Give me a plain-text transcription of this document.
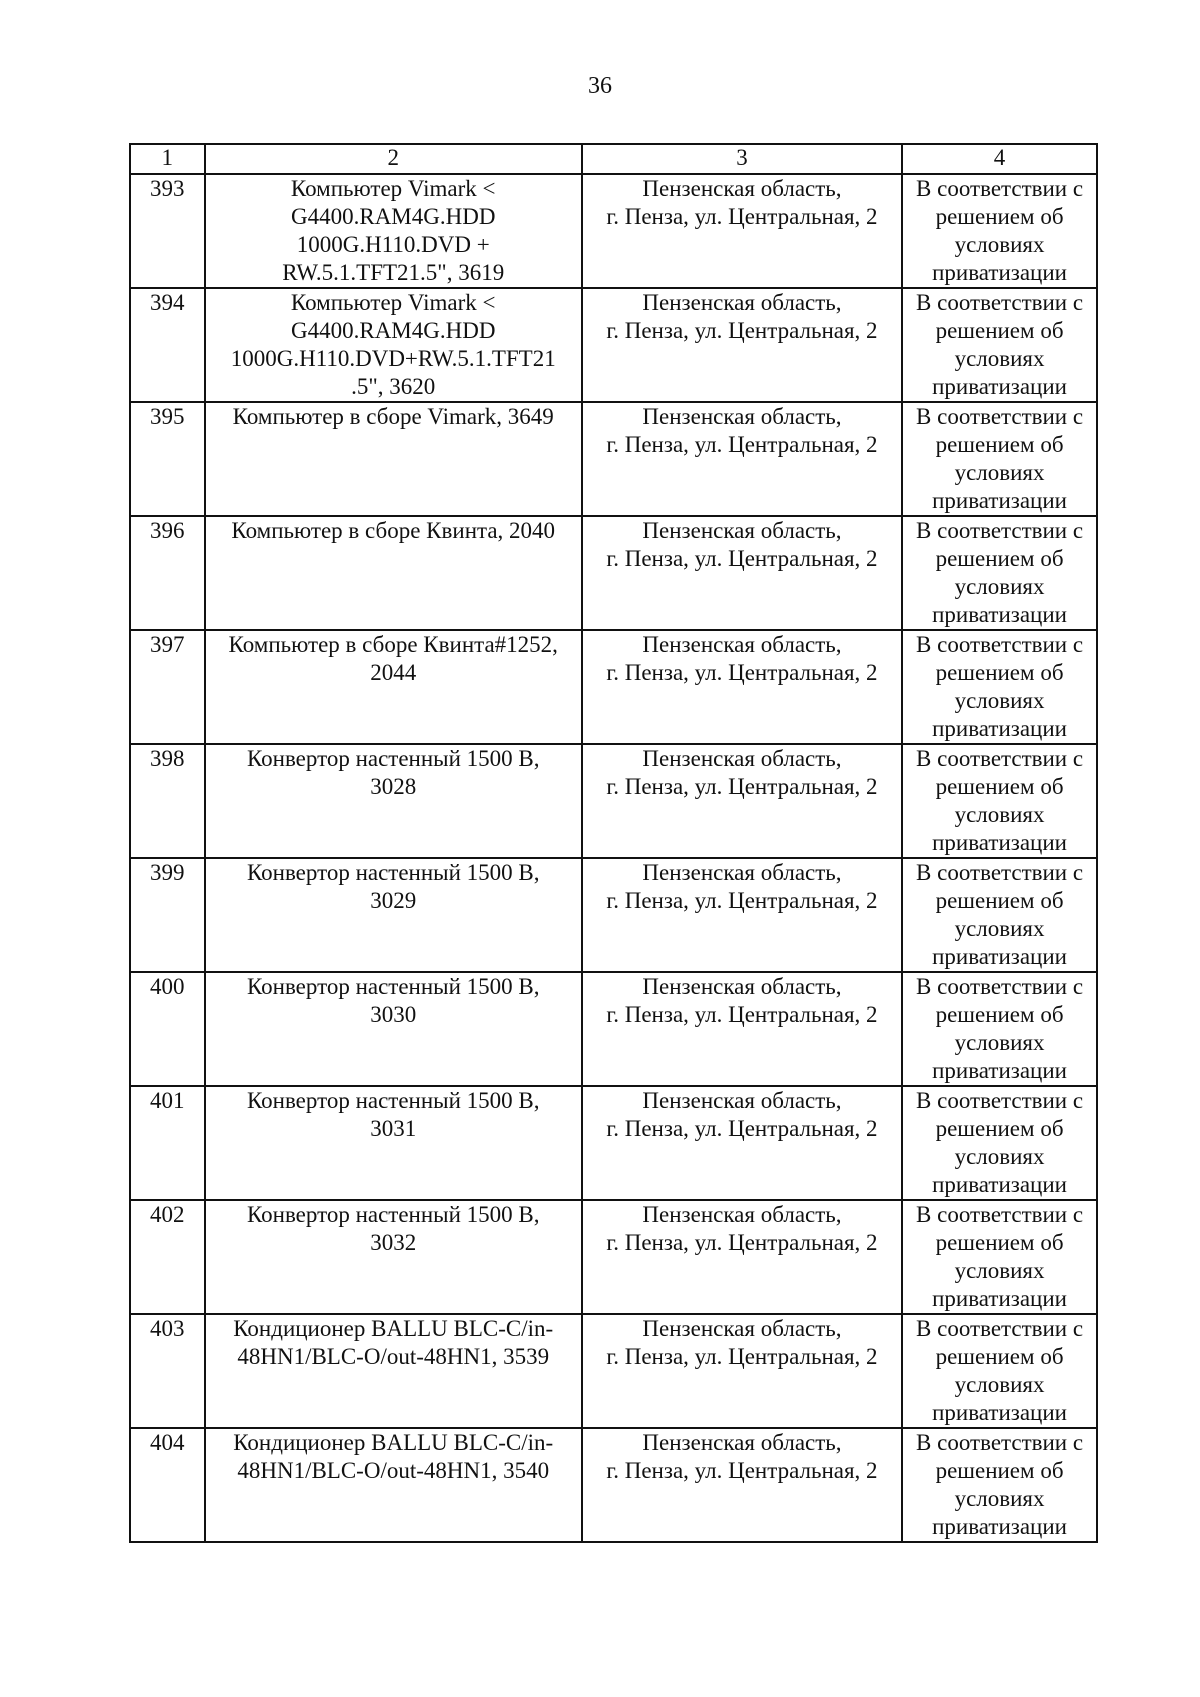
36
1	2	3	4
393	Компьютер Vimark <
G4400.RAM4G.HDD
1000G.H110.DVD +
RW.5.1.TFT21.5", 3619	Пензенская область,
г. Пенза, ул. Центральная, 2	В соответствии с
решением об
условиях
приватизации
394	Компьютер Vimark <
G4400.RAM4G.HDD
1000G.H110.DVD+RW.5.1.TFT21
.5", 3620	Пензенская область,
г. Пенза, ул. Центральная, 2	В соответствии с
решением об
условиях
приватизации
395	Компьютер в сборе Vimark, 3649	Пензенская область,
г. Пенза, ул. Центральная, 2	В соответствии с
решением об
условиях
приватизации
396	Компьютер в сборе Квинта, 2040	Пензенская область,
г. Пенза, ул. Центральная, 2	В соответствии с
решением об
условиях
приватизации
397	Компьютер в сборе Квинта#1252,
2044	Пензенская область,
г. Пенза, ул. Центральная, 2	В соответствии с
решением об
условиях
приватизации
398	Конвертор настенный 1500 В,
3028	Пензенская область,
г. Пенза, ул. Центральная, 2	В соответствии с
решением об
условиях
приватизации
399	Конвертор настенный 1500 В,
3029	Пензенская область,
г. Пенза, ул. Центральная, 2	В соответствии с
решением об
условиях
приватизации
400	Конвертор настенный 1500 В,
3030	Пензенская область,
г. Пенза, ул. Центральная, 2	В соответствии с
решением об
условиях
приватизации
401	Конвертор настенный 1500 В,
3031	Пензенская область,
г. Пенза, ул. Центральная, 2	В соответствии с
решением об
условиях
приватизации
402	Конвертор настенный 1500 В,
3032	Пензенская область,
г. Пенза, ул. Центральная, 2	В соответствии с
решением об
условиях
приватизации
403	Кондиционер BALLU BLC-C/in-
48HN1/BLC-O/out-48HN1, 3539	Пензенская область,
г. Пенза, ул. Центральная, 2	В соответствии с
решением об
условиях
приватизации
404	Кондиционер BALLU BLC-C/in-
48HN1/BLC-O/out-48HN1, 3540	Пензенская область,
г. Пенза, ул. Центральная, 2	В соответствии с
решением об
условиях
приватизации
